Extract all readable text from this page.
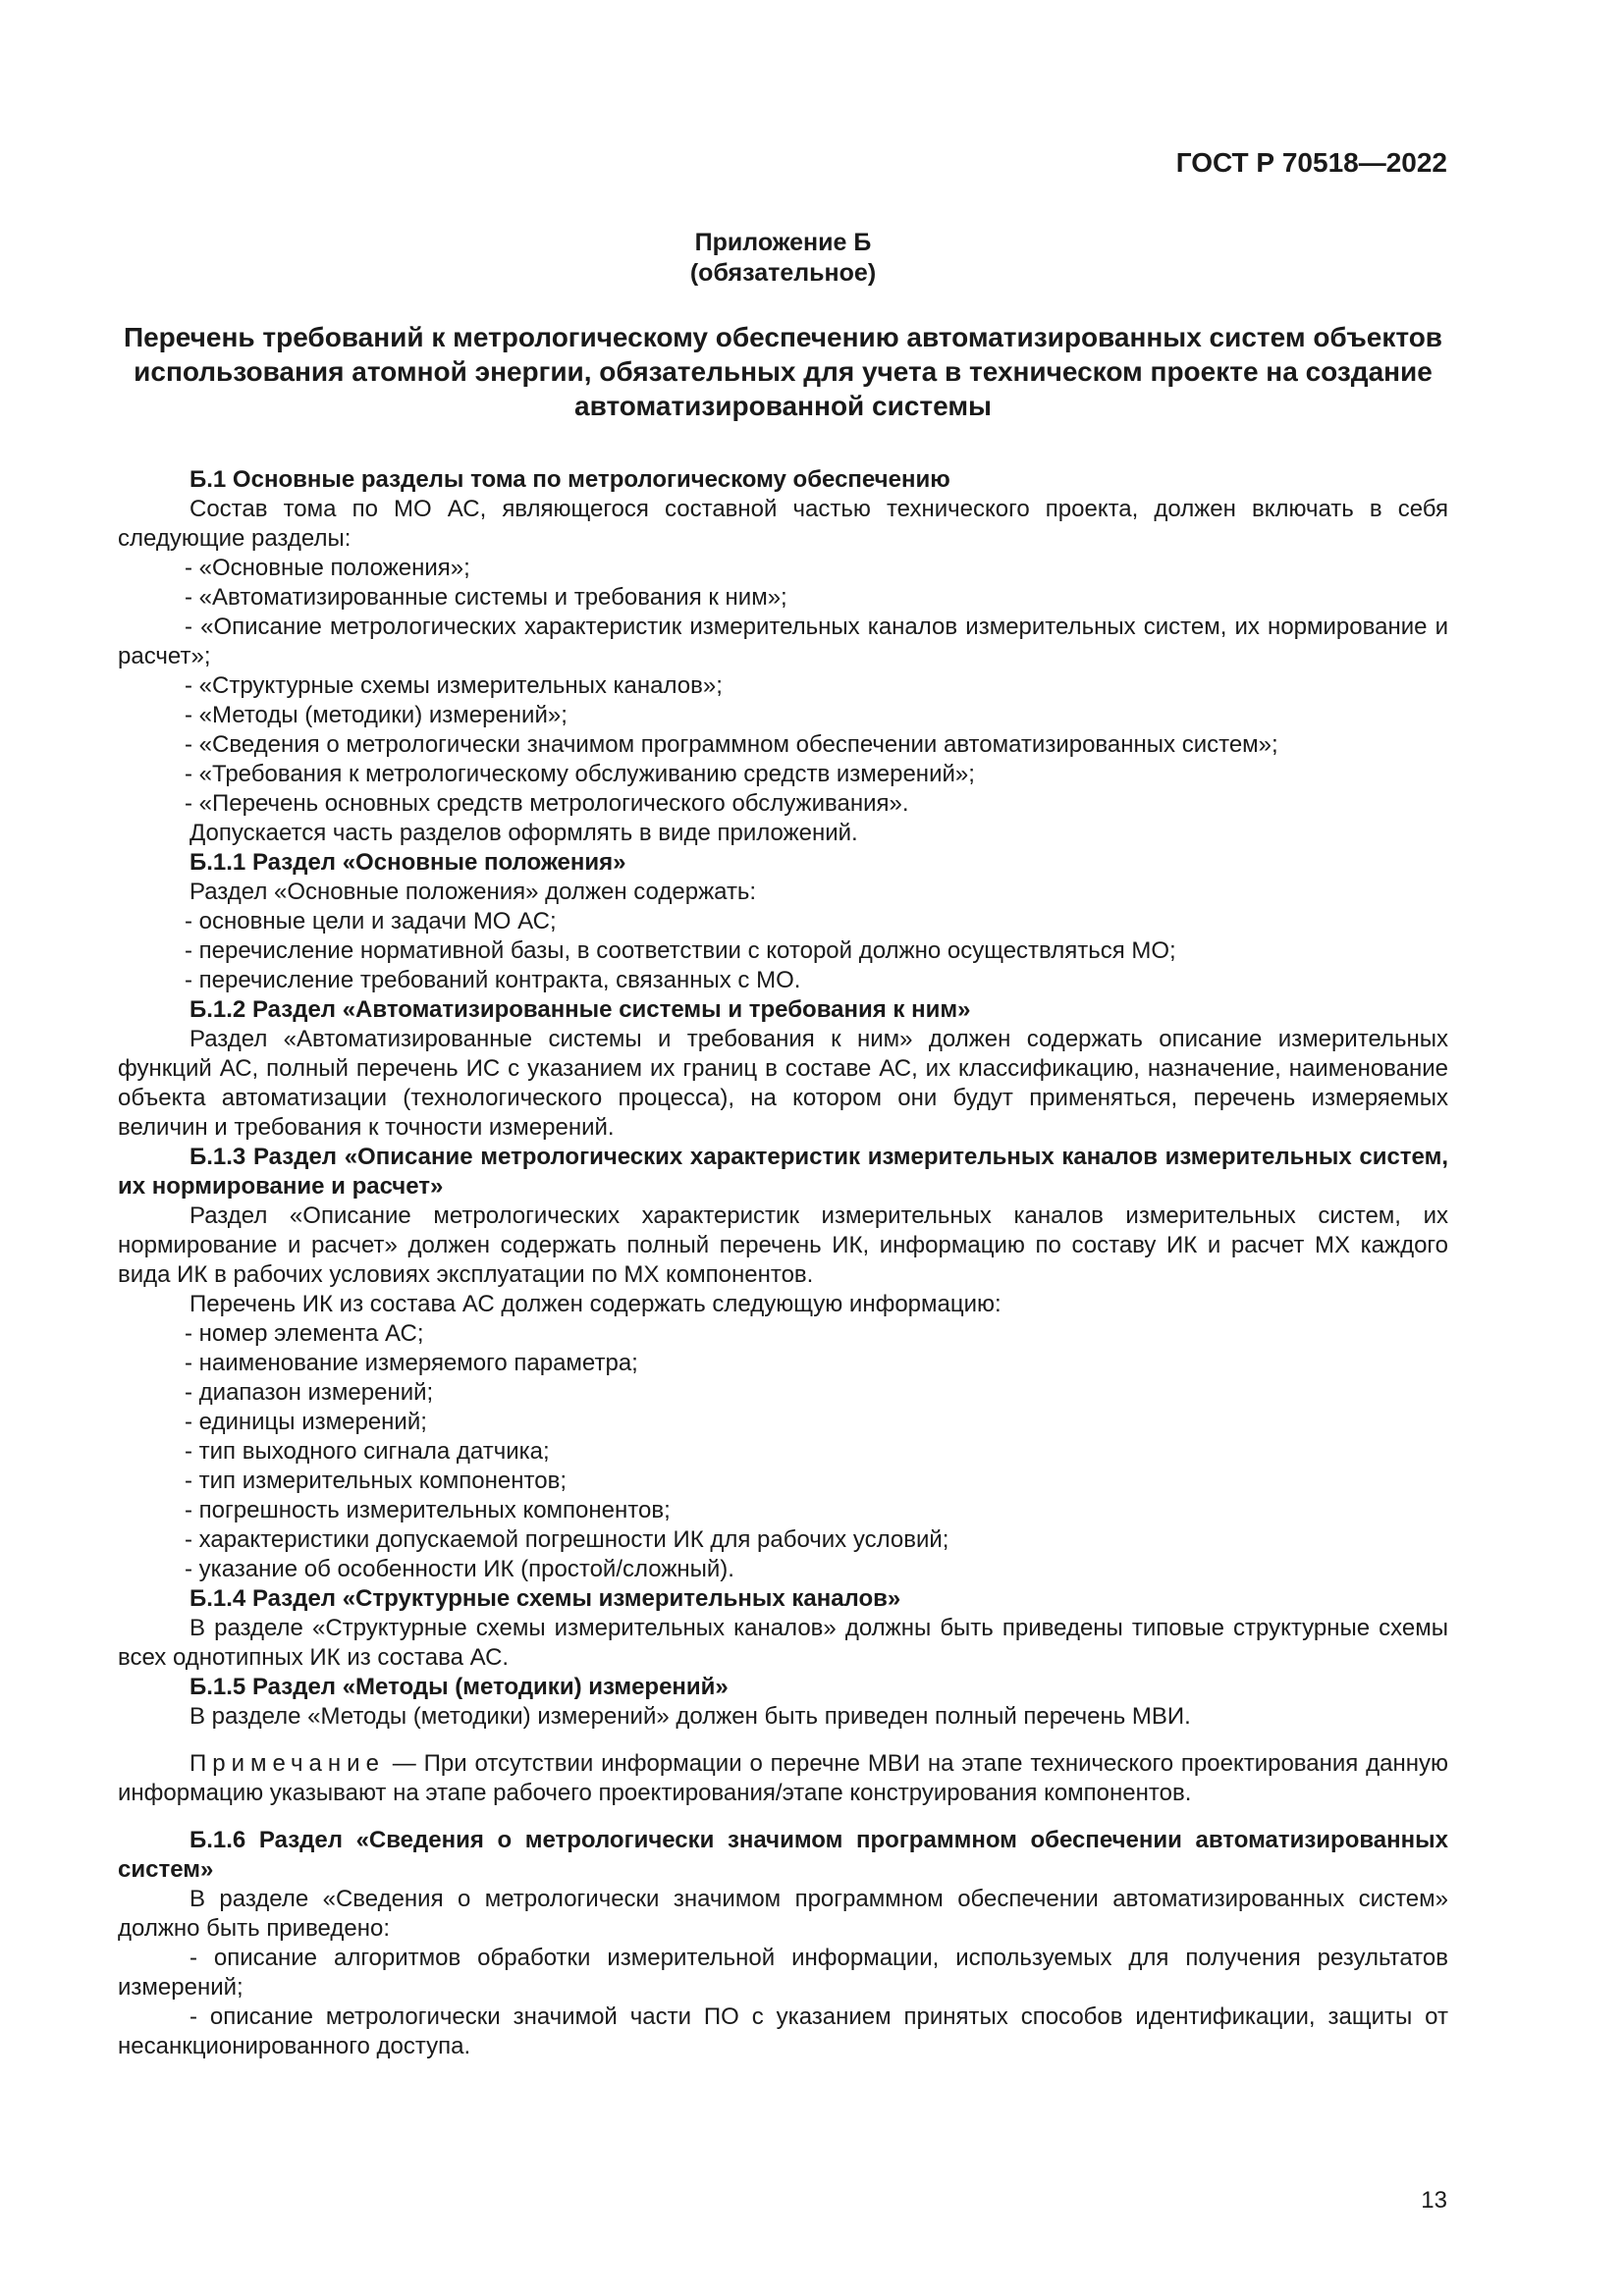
ГОСТ Р 70518—2022
Приложение Б
(обязательное)
Перечень требований к метрологическому обеспечению автоматизированных систем объектов
использования атомной энергии, обязательных для учета в техническом проекте на создание
автоматизированной системы

Б.1 Основные разделы тома по метрологическому обеспечению

Состав тома по МО АС, являющегося составной частью технического проекта, должен включать в себя следующие разделы:

- «Основные положения»;

- «Автоматизированные системы и требования к ним»;

- «Описание метрологических характеристик измерительных каналов измерительных систем, их нормирование и расчет»;

- «Структурные схемы измерительных каналов»;

- «Методы (методики) измерений»;

- «Сведения о метрологически значимом программном обеспечении автоматизированных систем»;

- «Требования к метрологическому обслуживанию средств измерений»;

- «Перечень основных средств метрологического обслуживания».

Допускается часть разделов оформлять в виде приложений.

Б.1.1 Раздел «Основные положения»

Раздел «Основные положения» должен содержать:

- основные цели и задачи МО АС;

- перечисление нормативной базы, в соответствии с которой должно осуществляться МО;

- перечисление требований контракта, связанных с МО.

Б.1.2 Раздел «Автоматизированные системы и требования к ним»

Раздел «Автоматизированные системы и требования к ним» должен содержать описание измерительных функций АС, полный перечень ИС с указанием их границ в составе АС, их классификацию, назначение, наименование объекта автоматизации (технологического процесса), на котором они будут применяться, перечень измеряемых величин и требования к точности измерений.

Б.1.3 Раздел «Описание метрологических характеристик измерительных каналов измерительных систем, их нормирование и расчет»

Раздел «Описание метрологических характеристик измерительных каналов измерительных систем, их нормирование и расчет» должен содержать полный перечень ИК, информацию по составу ИК и расчет МХ каждого вида ИК в рабочих условиях эксплуатации по МХ компонентов.

Перечень ИК из состава АС должен содержать следующую информацию:

- номер элемента АС;

- наименование измеряемого параметра;

- диапазон измерений;

- единицы измерений;

- тип выходного сигнала датчика;

- тип измерительных компонентов;

- погрешность измерительных компонентов;

- характеристики допускаемой погрешности ИК для рабочих условий;

- указание об особенности ИК (простой/сложный).

Б.1.4 Раздел «Структурные схемы измерительных каналов»

В разделе «Структурные схемы измерительных каналов» должны быть приведены типовые структурные схемы всех однотипных ИК из состава АС.

Б.1.5 Раздел «Методы (методики) измерений»

В разделе «Методы (методики) измерений» должен быть приведен полный перечень МВИ.

Примечание — При отсутствии информации о перечне МВИ на этапе технического проектирования данную информацию указывают на этапе рабочего проектирования/этапе конструирования компонентов.

Б.1.6 Раздел «Сведения о метрологически значимом программном обеспечении автоматизированных систем»

В разделе «Сведения о метрологически значимом программном обеспечении автоматизированных систем» должно быть приведено:

- описание алгоритмов обработки измерительной информации, используемых для получения результатов измерений;

- описание метрологически значимой части ПО с указанием принятых способов идентификации, защиты от несанкционированного доступа.

13
